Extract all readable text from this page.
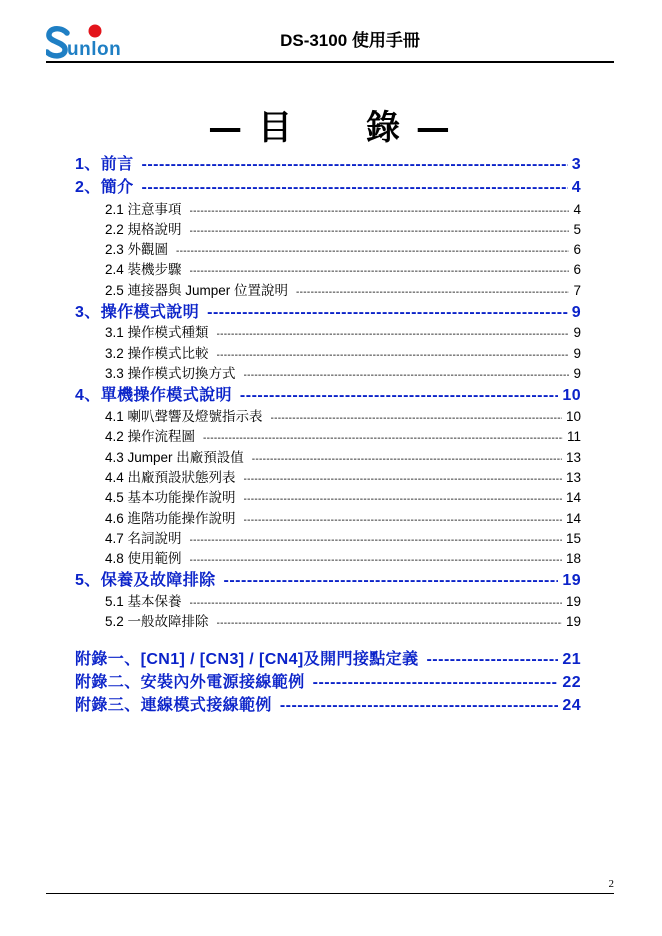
unlon	DS-3100 使用手冊
— 目　　錄 —
1、前言 -----	3
2、簡介 -----	4
2.1 注意事項 -----	4
2.2 規格說明 -----	5
2.3 外觀圖 -----	6
2.4 裝機步驟 -----	6
2.5 連接器與 Jumper 位置說明 -----	7
3、操作模式說明 -----	9
3.1 操作模式種類 -----	9
3.2 操作模式比較 -----	9
3.3 操作模式切換方式 -----	9
4、單機操作模式說明 -----	10
4.1 喇叭聲響及燈號指示表 -----	10
4.2 操作流程圖 -----	11
4.3 Jumper 出廠預設值 -----	13
4.4 出廠預設狀態列表 -----	13
4.5 基本功能操作說明 -----	14
4.6 進階功能操作說明 -----	14
4.7 名詞說明 -----	15
4.8 使用範例 -----	18
5、保養及故障排除 -----	19
5.1 基本保養 -----	19
5.2 一般故障排除 -----	19
附錄一、[CN1] / [CN3] / [CN4]及開門接點定義 -----	21
附錄二、安裝內外電源接線範例 -----	22
附錄三、連線模式接線範例 -----	24
2
